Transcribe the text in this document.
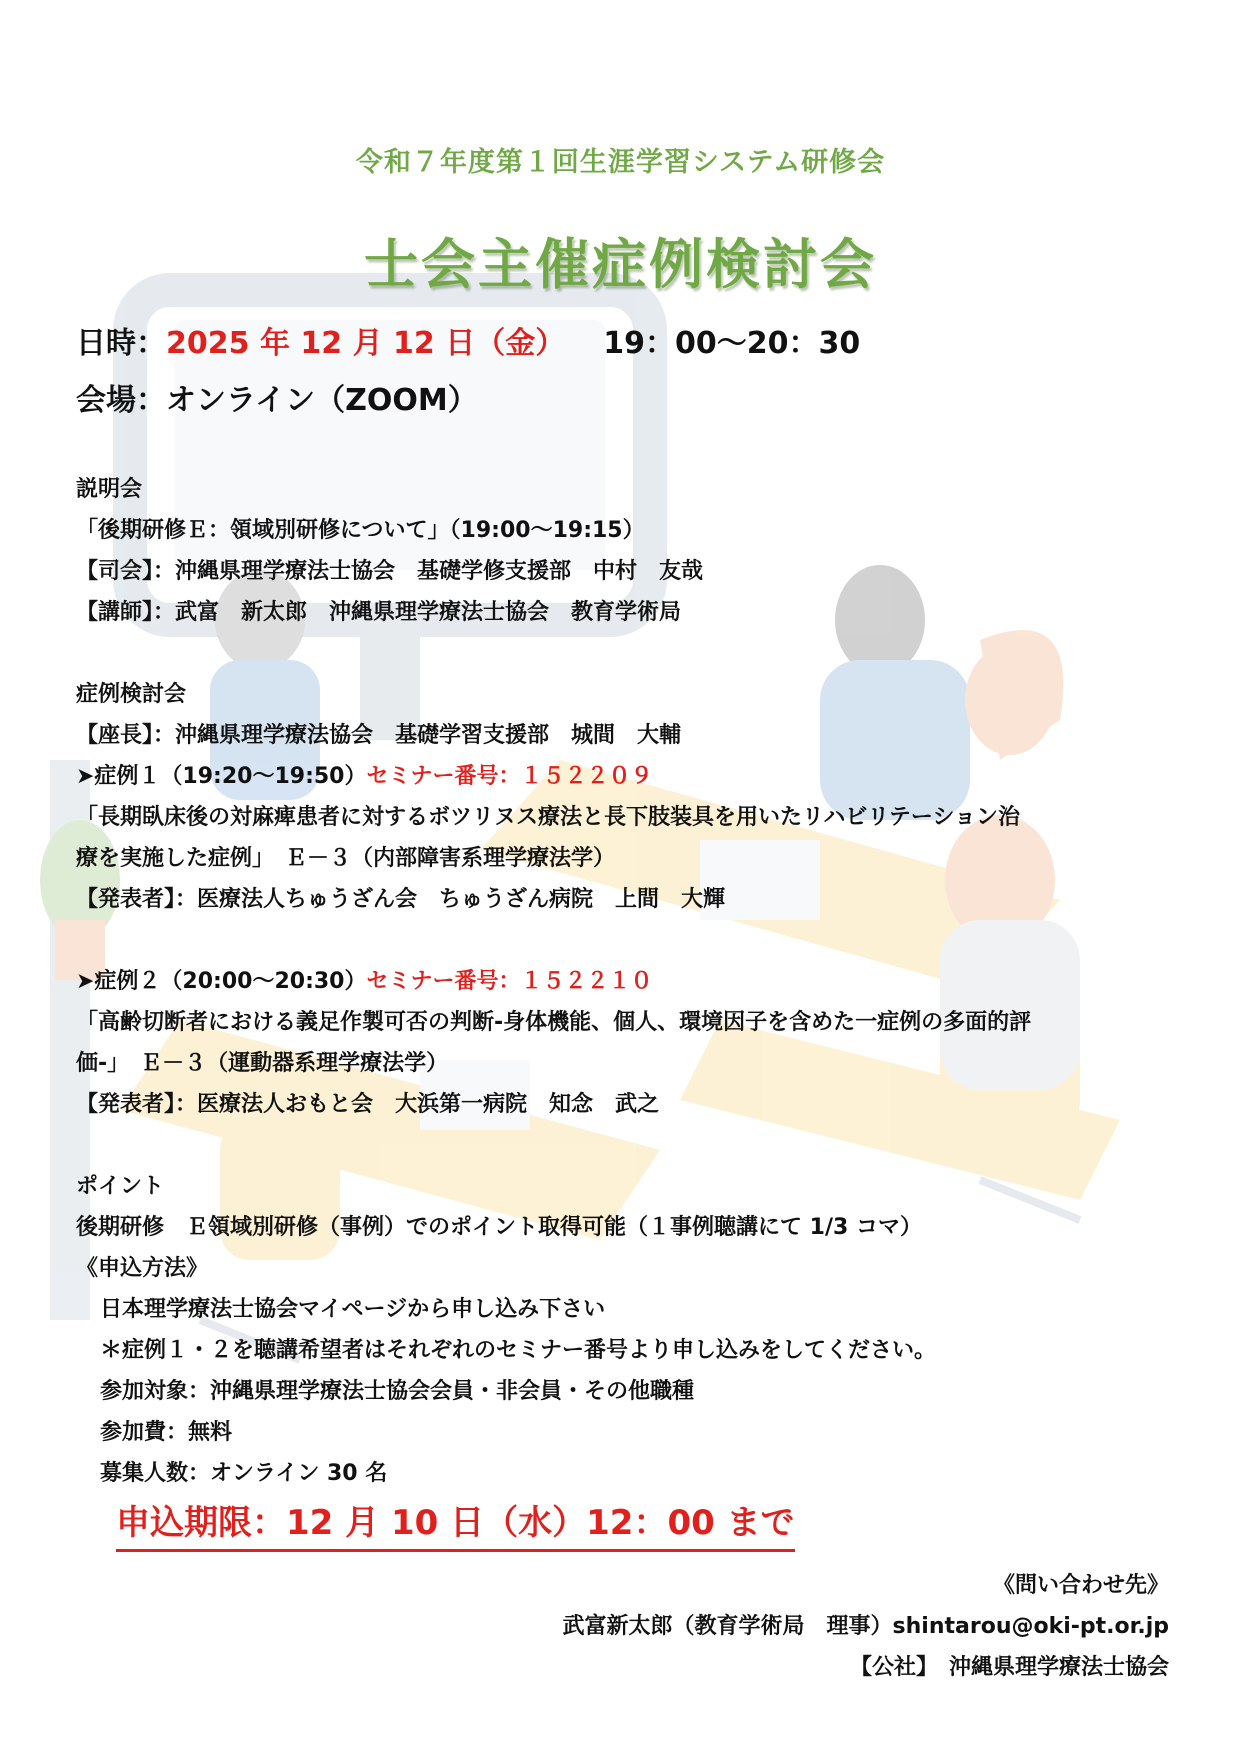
令和７年度第１回生涯学習システム研修会
士会主催症例検討会
日時：2025 年 12 月 12 日（金） 19：00～20：30
会場：オンライン（ZOOM）
説明会
「後期研修Ｅ：領域別研修について」（19:00～19:15）
【司会】：沖縄県理学療法士協会　基礎学修支援部　中村　友哉
【講師】：武富　新太郎　沖縄県理学療法士協会　教育学術局
症例検討会
【座長】：沖縄県理学療法協会　基礎学習支援部　城間　大輔
➤症例１（19:20～19:50）セミナー番号：１５２２０９
「長期臥床後の対麻痺患者に対するボツリヌス療法と長下肢装具を用いたリハビリテーション治
療を実施した症例」　Ｅ－３（内部障害系理学療法学）
【発表者】：医療法人ちゅうざん会　ちゅうざん病院　上間　大輝
➤症例２（20:00～20:30）セミナー番号：１５２２１０
「高齢切断者における義足作製可否の判断-身体機能、個人、環境因子を含めた一症例の多面的評
価-」　Ｅ－３（運動器系理学療法学）
【発表者】：医療法人おもと会　大浜第一病院　知念　武之
ポイント
後期研修　Ｅ領域別研修（事例）でのポイント取得可能（１事例聴講にて 1/3 コマ）
《申込方法》
日本理学療法士協会マイページから申し込み下さい
＊症例１・２を聴講希望者はそれぞれのセミナー番号より申し込みをしてください。
参加対象：沖縄県理学療法士協会会員・非会員・その他職種
参加費：無料
募集人数：オンライン 30 名
申込期限：12 月 10 日（水）12：00 まで
《問い合わせ先》
武富新太郎（教育学術局　理事）shintarou@oki-pt.or.jp
【公社】　沖縄県理学療法士協会
